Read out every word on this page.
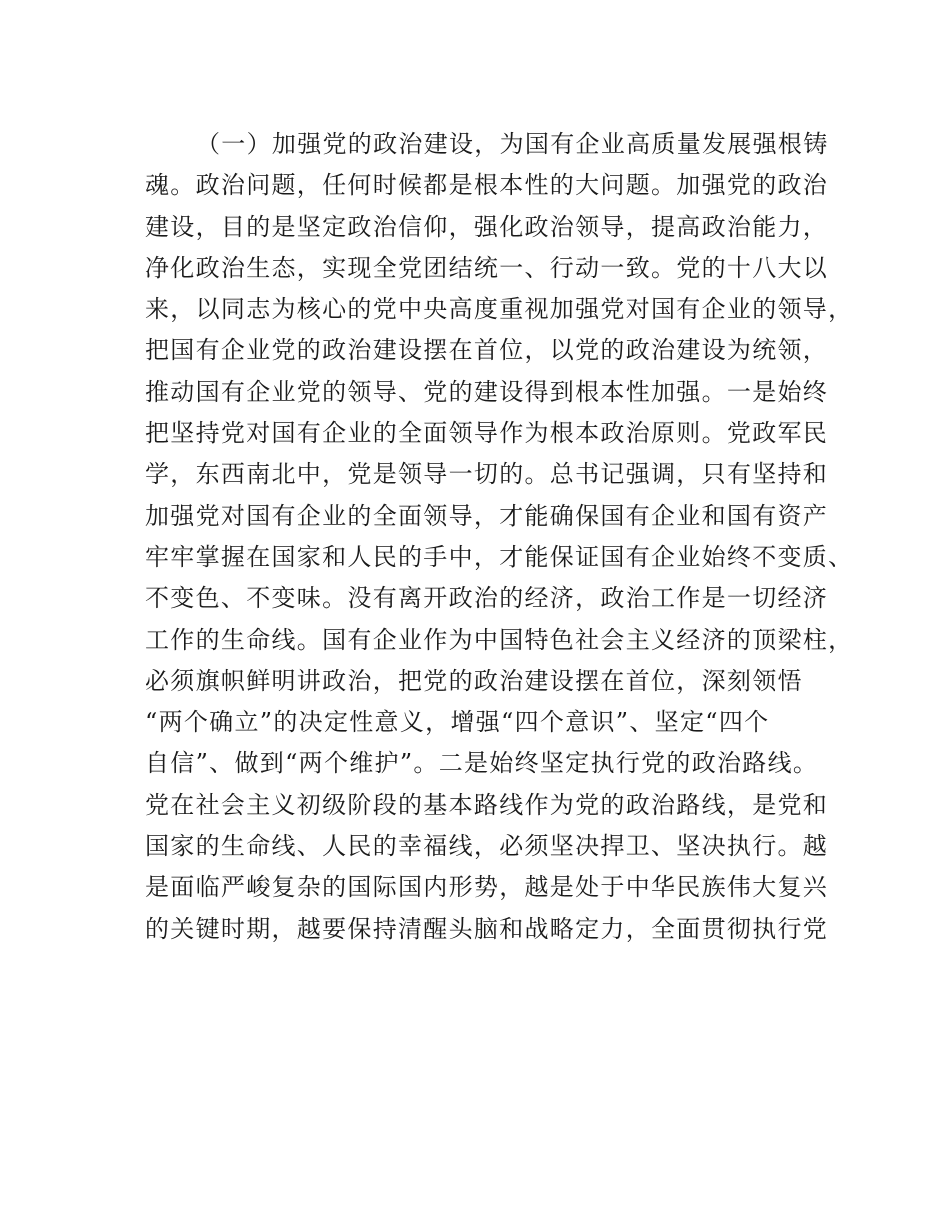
（一）加强党的政治建设，为国有企业高质量发展强根铸
魂。政治问题，任何时候都是根本性的大问题。加强党的政治
建设，目的是坚定政治信仰，强化政治领导，提高政治能力，
净化政治生态，实现全党团结统一、行动一致。党的十八大以
来，以同志为核心的党中央高度重视加强党对国有企业的领导，
把国有企业党的政治建设摆在首位，以党的政治建设为统领，
推动国有企业党的领导、党的建设得到根本性加强。一是始终
把坚持党对国有企业的全面领导作为根本政治原则。党政军民
学，东西南北中，党是领导一切的。总书记强调，只有坚持和
加强党对国有企业的全面领导，才能确保国有企业和国有资产
牢牢掌握在国家和人民的手中，才能保证国有企业始终不变质、
不变色、不变味。没有离开政治的经济，政治工作是一切经济
工作的生命线。国有企业作为中国特色社会主义经济的顶梁柱，
必须旗帜鲜明讲政治，把党的政治建设摆在首位，深刻领悟
“两个确立”的决定性意义，增强“四个意识”、坚定“四个
自信”、做到“两个维护”。二是始终坚定执行党的政治路线。
党在社会主义初级阶段的基本路线作为党的政治路线，是党和
国家的生命线、人民的幸福线，必须坚决捍卫、坚决执行。越
是面临严峻复杂的国际国内形势，越是处于中华民族伟大复兴
的关键时期，越要保持清醒头脑和战略定力，全面贯彻执行党
